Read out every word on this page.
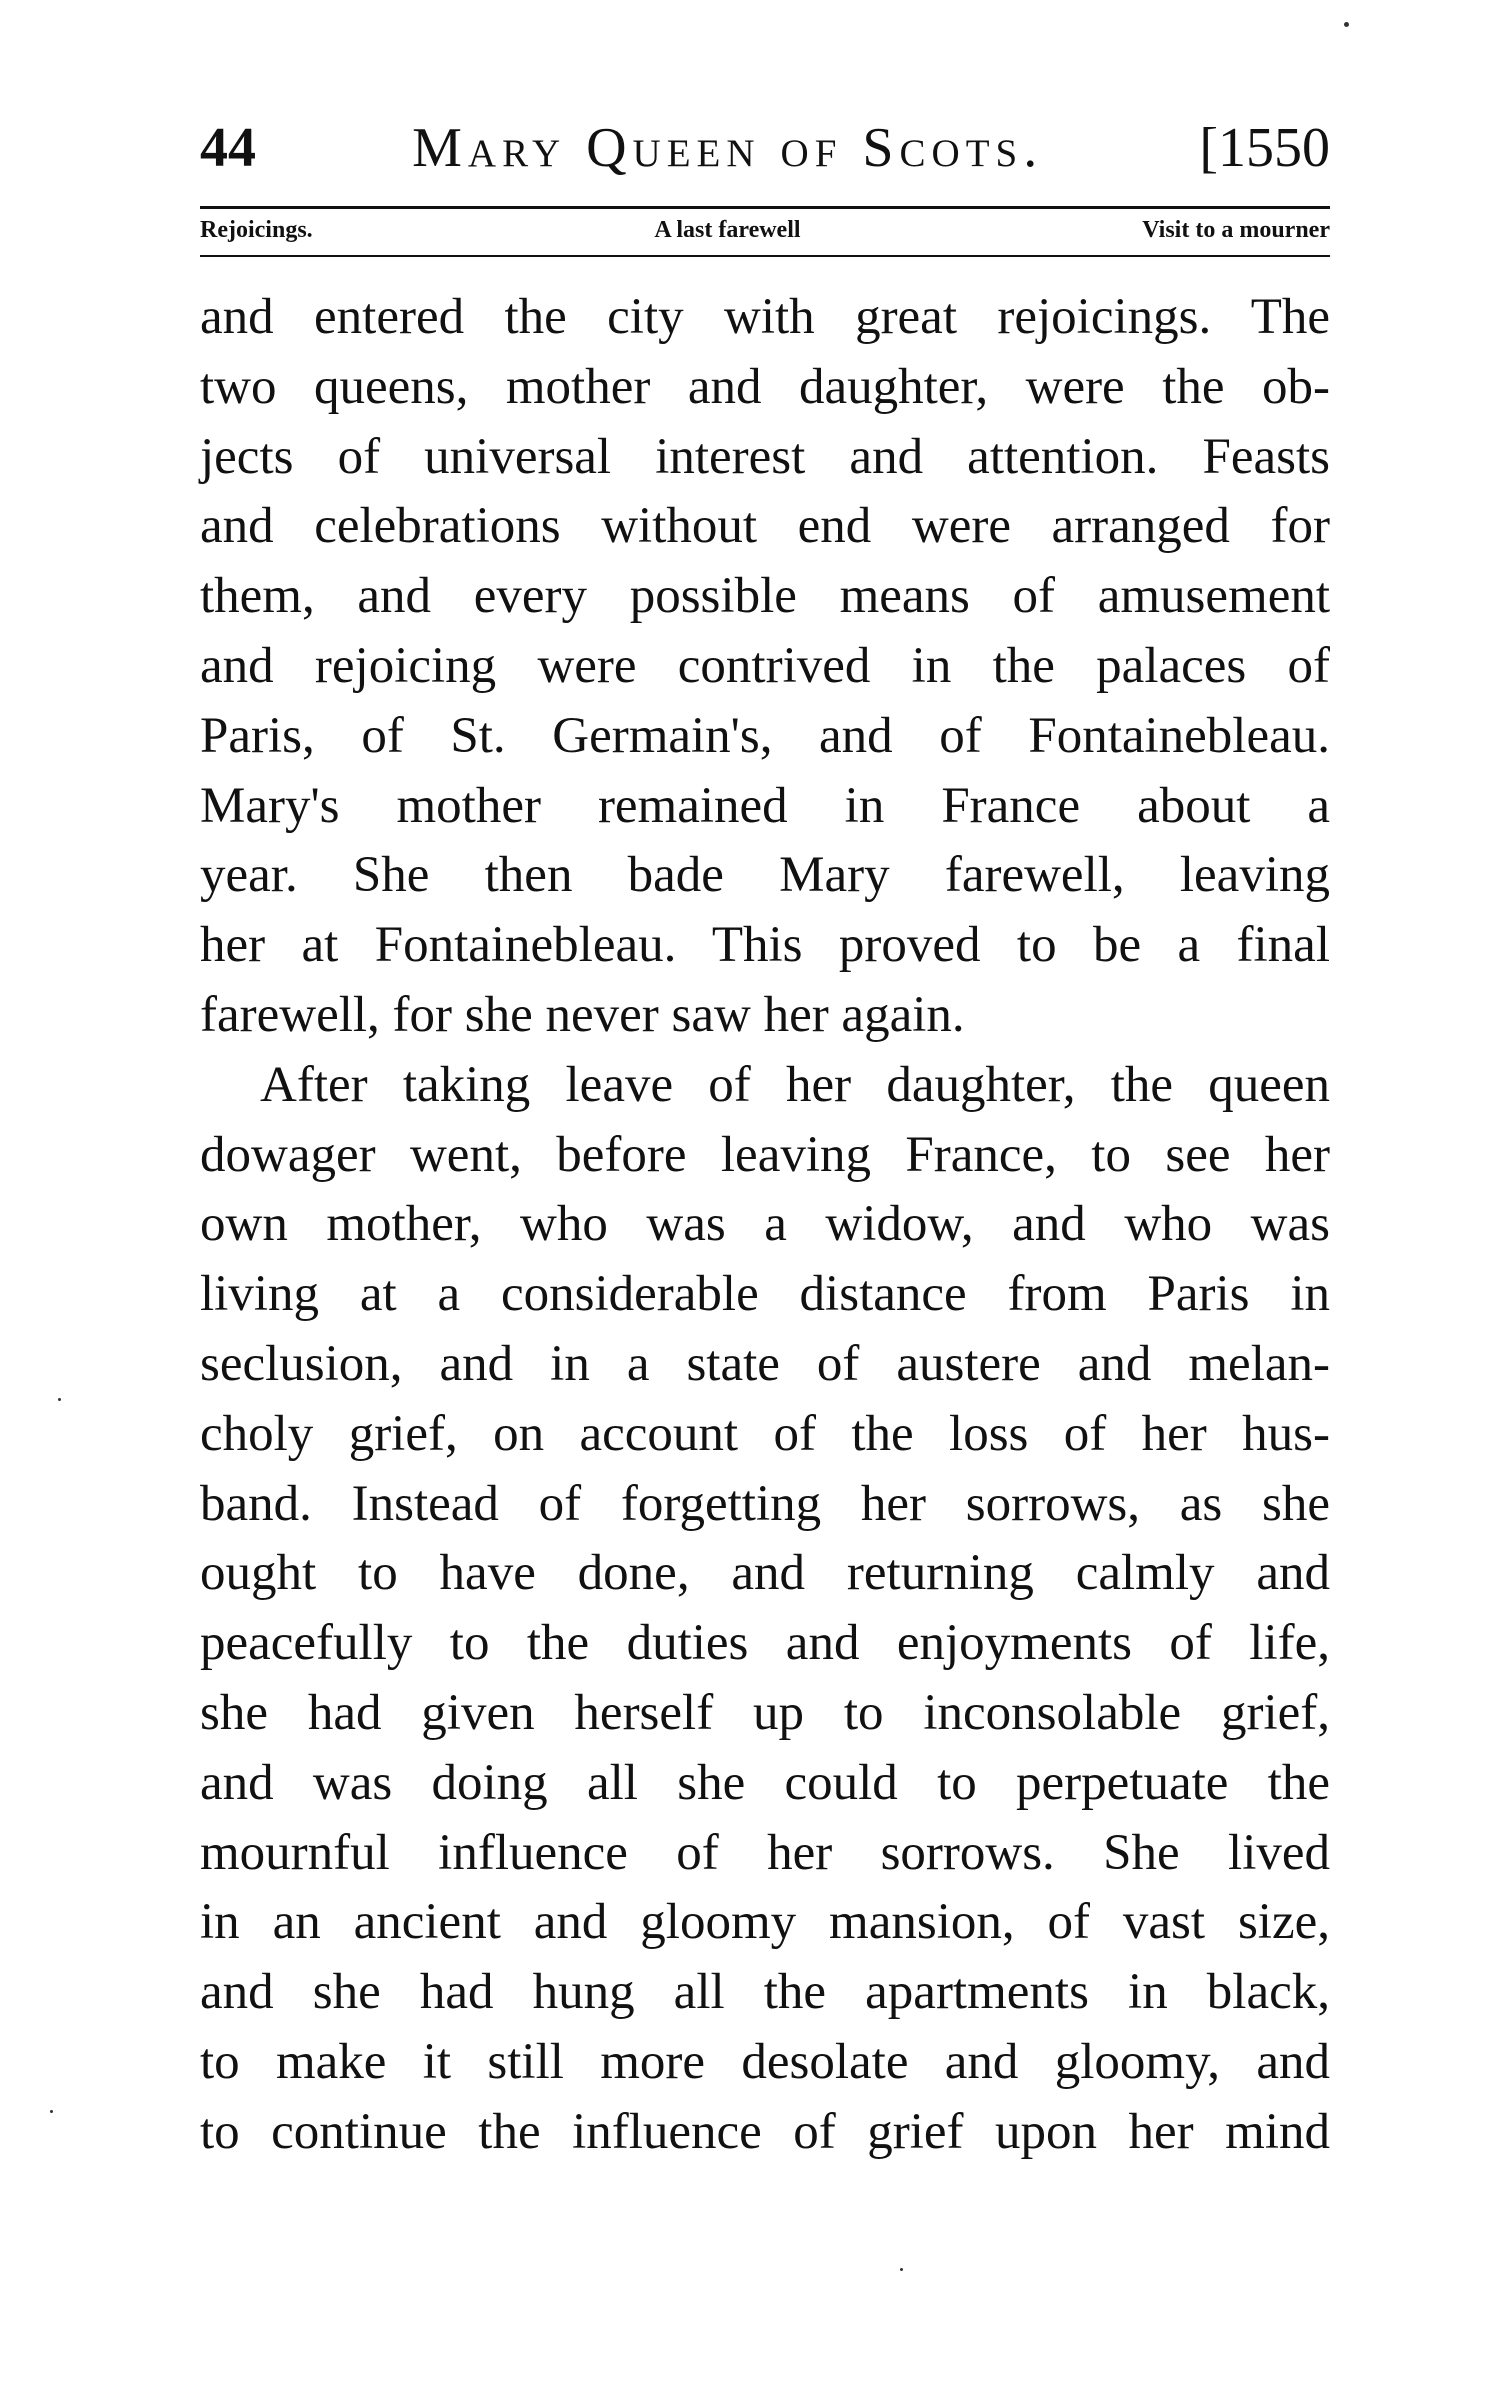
44	Mary Queen of Scots.	[1550
Rejoicings.	A last farewell	Visit to a mourner
and entered the city with great rejoicings. The
two queens, mother and daughter, were the ob-
jects of universal interest and attention. Feasts
and celebrations without end were arranged for
them, and every possible means of amusement
and rejoicing were contrived in the palaces of
Paris, of St. Germain's, and of Fontainebleau.
Mary's mother remained in France about a
year. She then bade Mary farewell, leaving
her at Fontainebleau. This proved to be a final
farewell, for she never saw her again.
After taking leave of her daughter, the queen
dowager went, before leaving France, to see her
own mother, who was a widow, and who was
living at a considerable distance from Paris in
seclusion, and in a state of austere and melan-
choly grief, on account of the loss of her hus-
band. Instead of forgetting her sorrows, as she
ought to have done, and returning calmly and
peacefully to the duties and enjoyments of life,
she had given herself up to inconsolable grief,
and was doing all she could to perpetuate the
mournful influence of her sorrows. She lived
in an ancient and gloomy mansion, of vast size,
and she had hung all the apartments in black,
to make it still more desolate and gloomy, and
to continue the influence of grief upon her mind
